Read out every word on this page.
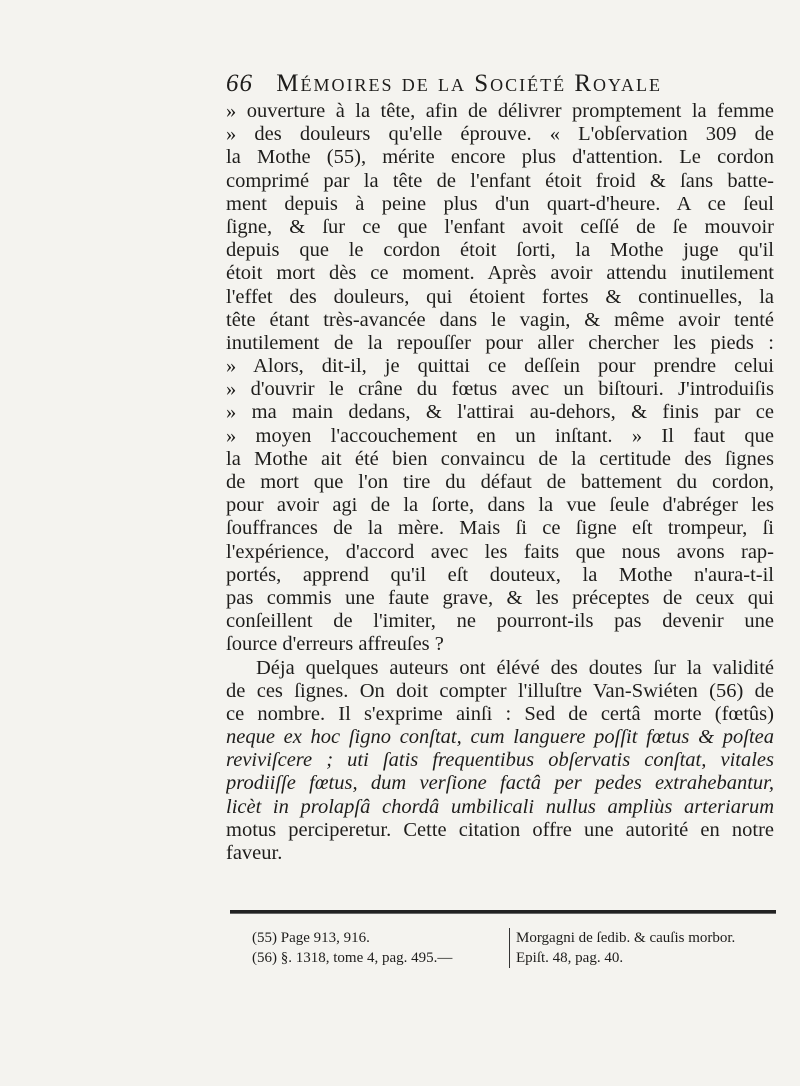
66 Mémoires de la Société Royale
» ouverture à la tête, afin de délivrer promptement la femme
» des douleurs qu'elle éprouve. « L'obſervation 309 de
la Mothe (55), mérite encore plus d'attention. Le cordon
comprimé par la tête de l'enfant étoit froid & ſans batte-
ment depuis à peine plus d'un quart-d'heure. A ce ſeul
ſigne, & ſur ce que l'enfant avoit ceſſé de ſe mouvoir
depuis que le cordon étoit ſorti, la Mothe juge qu'il
étoit mort dès ce moment. Après avoir attendu inutilement
l'effet des douleurs, qui étoient fortes & continuelles, la
tête étant très-avancée dans le vagin, & même avoir tenté
inutilement de la repouſſer pour aller chercher les pieds :
» Alors, dit-il, je quittai ce deſſein pour prendre celui
» d'ouvrir le crâne du fœtus avec un biſtouri. J'introduiſis
» ma main dedans, & l'attirai au-dehors, & finis par ce
» moyen l'accouchement en un inſtant. » Il faut que
la Mothe ait été bien convaincu de la certitude des ſignes
de mort que l'on tire du défaut de battement du cordon,
pour avoir agi de la ſorte, dans la vue ſeule d'abréger les
ſouffrances de la mère. Mais ſi ce ſigne eſt trompeur, ſi
l'expérience, d'accord avec les faits que nous avons rap-
portés, apprend qu'il eſt douteux, la Mothe n'aura-t-il
pas commis une faute grave, & les préceptes de ceux qui
conſeillent de l'imiter, ne pourront-ils pas devenir une
ſource d'erreurs affreuſes ?
Déja quelques auteurs ont élévé des doutes ſur la validité
de ces ſignes. On doit compter l'illuſtre Van-Swiéten (56) de
ce nombre. Il s'exprime ainſi : Sed de certâ morte (fœtûs)
neque ex hoc ſigno conſtat, cum languere poſſit fœtus & poſtea
reviviſcere ; uti ſatis frequentibus obſervatis conſtat, vitales
prodiiſſe fœtus, dum verſione factâ per pedes extrahebantur,
licèt in prolapſâ chordâ umbilicali nullus ampliùs arteriarum
motus perciperetur. Cette citation offre une autorité en notre
faveur.
(55) Page 913, 916.
(56) §. 1318, tome 4, pag. 495.—
Morgagni de ſedib. & cauſis morbor.
Epiſt. 48, pag. 40.
